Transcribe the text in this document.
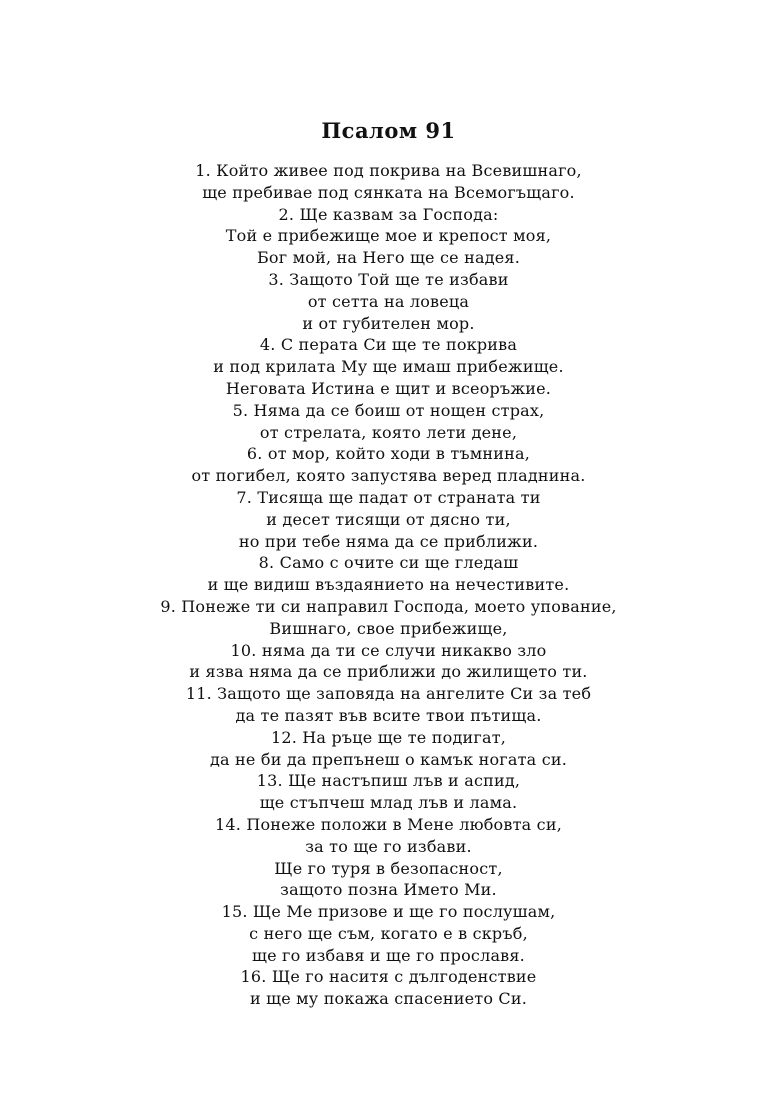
Псалом 91
1. Който живее под покрива на Всевишнаго,
ще пребивае под сянката на Всемогъщаго.
2. Ще казвам за Господа:
Той е прибежище мое и крепост моя,
Бог мой, на Него ще се надея.
3. Защото Той ще те избави
от сетта на ловеца
и от губителен мор.
4. С перата Си ще те покрива
и под крилата Му ще имаш прибежище.
Неговата Истина е щит и всеоръжие.
5. Няма да се боиш от нощен страх,
от стрелата, която лети дене,
6. от мор, който ходи в тъмнина,
от погибел, която запустява веред пладнина.
7. Тисяща ще падат от страната ти
и десет тисящи от дясно ти,
но при тебе няма да се приближи.
8. Само с очите си ще гледаш
и ще видиш въздаянието на нечестивите.
9. Понеже ти си направил Господа, моето упование,
Вишнаго, свое прибежище,
10. няма да ти се случи никакво зло
и язва няма да се приближи до жилището ти.
11. Защото ще заповяда на ангелите Си за теб
да те пазят във всите твои пътища.
12. На ръце ще те подигат,
да не би да препънеш о камък ногата си.
13. Ще настъпиш лъв и аспид,
ще стъпчеш млад лъв и лама.
14. Понеже положи в Мене любовта си,
за то ще го избави.
Ще го туря в безопасност,
защото позна Името Ми.
15. Ще Ме призове и ще го послушам,
с него ще съм, когато е в скръб,
ще го избавя и ще го прославя.
16. Ще го наситя с дългоденствие
и ще му покажа спасението Си.
